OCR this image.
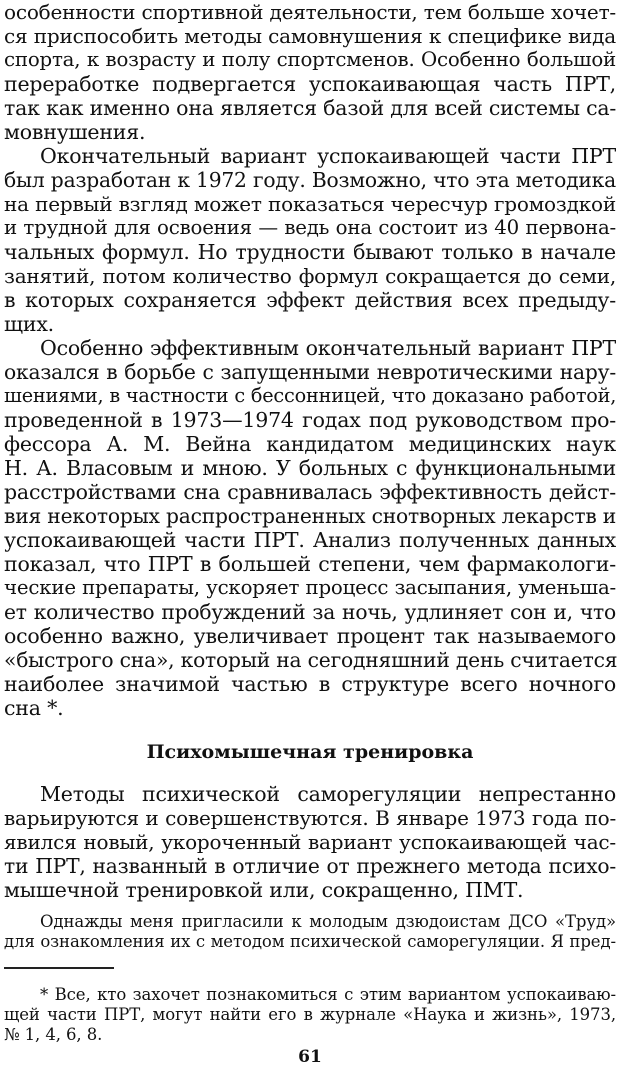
особенности спортивной деятельности, тем больше хочет-
ся приспособить методы самовнушения к специфике вида
спорта, к возрасту и полу спортсменов. Особенно большой
переработке подвергается успокаивающая часть ПРТ,
так как именно она является базой для всей системы са-
мовнушения.
Окончательный вариант успокаивающей части ПРТ
был разработан к 1972 году. Возможно, что эта методика
на первый взгляд может показаться чересчур громоздкой
и трудной для освоения — ведь она состоит из 40 первона-
чальных формул. Но трудности бывают только в начале
занятий, потом количество формул сокращается до семи,
в которых сохраняется эффект действия всех предыду-
щих.
Особенно эффективным окончательный вариант ПРТ
оказался в борьбе с запущенными невротическими нару-
шениями, в частности с бессонницей, что доказано работой,
проведенной в 1973—1974 годах под руководством про-
фессора А. М. Вейна кандидатом медицинских наук
Н. А. Власовым и мною. У больных с функциональными
расстройствами сна сравнивалась эффективность дейст-
вия некоторых распространенных снотворных лекарств и
успокаивающей части ПРТ. Анализ полученных данных
показал, что ПРТ в большей степени, чем фармакологи-
ческие препараты, ускоряет процесс засыпания, уменьша-
ет количество пробуждений за ночь, удлиняет сон и, что
особенно важно, увеличивает процент так называемого
«быстрого сна», который на сегодняшний день считается
наиболее значимой частью в структуре всего ночного
сна *.
Психомышечная тренировка
Методы психической саморегуляции непрестанно
варьируются и совершенствуются. В январе 1973 года по-
явился новый, укороченный вариант успокаивающей час-
ти ПРТ, названный в отличие от прежнего метода психо-
мышечной тренировкой или, сокращенно, ПМТ.
Однажды меня пригласили к молодым дзюдоистам ДСО «Труд»
для ознакомления их с методом психической саморегуляции. Я пред-
* Все, кто захочет познакомиться с этим вариантом успокаиваю-
щей части ПРТ, могут найти его в журнале «Наука и жизнь», 1973,
№ 1, 4, 6, 8.
61
